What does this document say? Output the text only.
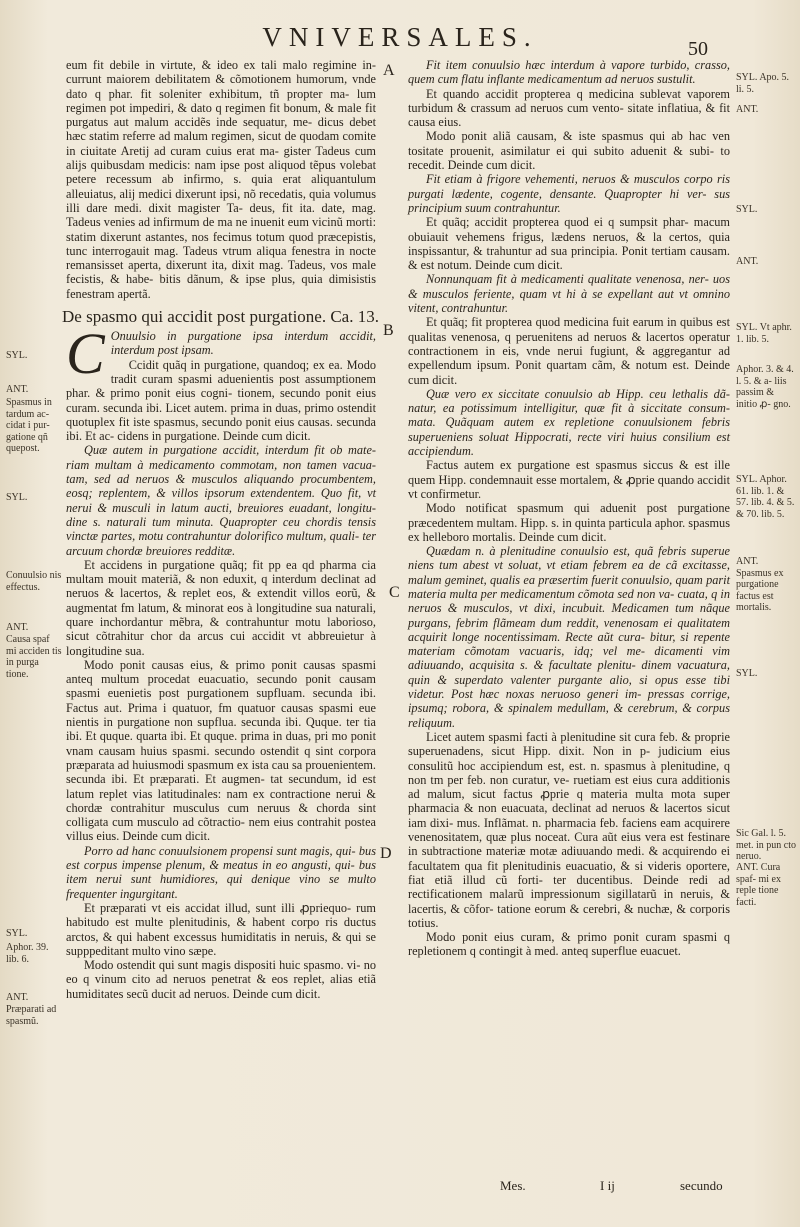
VNIVERSALES.	50
A
B
C
D
SYL.
ANT.
Spasmus in tardum ac- cidat i pur- gatione qñ quepost.
SYL.
Conuulsio nis effectus.
ANT.
Causa spaf mi acciden tis in purga tione.
SYL.
Aphor. 39. lib. 6.
ANT.
Præparati ad spasmũ.
SYL. Apo. 5. li. 5.
ANT.
SYL.
ANT.
SYL. Vt aphr. 1. lib. 5.
Aphor. 3. & 4. l. 5. & a- liis passim & initio ꝓ- gno.
SYL. Aphor. 61. lib. 1. & 57. lib. 4. & 5. & 70. lib. 5.
ANT. Spasmus ex purgatione factus est mortalis.
SYL.
Sic Gal. l. 5. met. in pun cto neruo.
ANT. Cura spaf- mi ex reple tione facti.

eum fit debile in virtute, & ideo ex tali malo regimine in- currunt maiorem debilitatem & cõmotionem humorum, vnde dato q phar. fit soleniter exhibitum, tñ propter ma- lum regimen pot impediri, & dato q regimen fit bonum, & male fit purgatus aut malum accidẽs inde sequatur, me- dicus debet hæc statim referre ad malum regimen, sicut de quodam comite in ciuitate Aretij ad curam cuius erat ma- gister Tadeus cum alijs quibusdam medicis: nam ipse post aliquod tẽpus volebat petere recessum ab infirmo, s. quia erat aliquantulum alleuiatus, alij medici dixerunt ipsi, nõ recedatis, quia volumus illi dare medi. dixit magister Ta- deus, fit ita. date, mag. Tadeus venies ad infirmum de ma ne inuenit eum vicinũ morti: statim dixerunt astantes, nos fecimus totum quod præcepistis, tunc interrogauit mag. Tadeus vtrum aliqua fenestra in nocte remansisset aperta, dixerunt ita, dixit mag. Tadeus, vos male fecistis, & habe- bitis dãnum, & ipse plus, quia dimisistis fenestram apertã.

De spasmo qui accidit post purgatione. Ca. 13.

C Onuulsio in purgatione ipsa interdum accidit, interdum post ipsam.

Ccidit quãq in purgatione, quandoq; ex ea. Modo tradit curam spasmi aduenientis post assumptionem phar. & primo ponit eius cogni- tionem, secundo ponit eius curam. secunda ibi. Licet autem. prima in duas, primo ostendit quotuplex fit iste spasmus, secundo ponit eius causas. secunda ibi. Et ac- cidens in purgatione. Deinde cum dicit.

Quæ autem in purgatione accidit, interdum fit ob mate- riam multam à medicamento commotam, non tamen vacua- tam, sed ad neruos & musculos aliquando procumbentem, eosq; replentem, & villos ipsorum extendentem. Quo fit, vt nerui & musculi in latum aucti, breuiores euadant, longitu- dine s. naturali tum minuta. Quapropter ceu chordis tensis vinctæ partes, motu contrahuntur dolorifico multum, quali- ter arcuum chordæ breuiores redditæ.

Et accidens in purgatione quãq; fit pp ea qd pharma cia multam mouit materiã, & non eduxit, q interdum declinat ad neruos & lacertos, & replet eos, & extendit villos eorũ, & augmentat fm latum, & minorat eos à longitudine sua naturali, quare inchordantur mẽbra, & contrahuntur motu laborioso, sicut cõtrahitur chor da arcus cui accidit vt abbreuietur à longitudine sua.

Modo ponit causas eius, & primo ponit causas spasmi anteq multum procedat euacuatio, secundo ponit causam spasmi euenietis post purgationem supfluam. secunda ibi. Factus aut. Prima i quatuor, fm quatuor causas spasmi eue nientis in purgatione non supflua. secunda ibi. Quque. ter tia ibi. Et quque. quarta ibi. Et quque. prima in duas, pri mo ponit vnam causam huius spasmi. secundo ostendit q sint corpora præparata ad huiusmodi spasmum ex ista cau sa prouenientem. secunda ibi. Et præparati. Et augmen- tat secundum, id est latum replet vias latitudinales: nam ex contractione nerui & chordæ contrahitur musculus cum neruus & chorda sint colligata cum musculo ad cõtractio- nem eius contrahit postea villus eius. Deinde cum dicit.

Porro ad hanc conuulsionem propensi sunt magis, qui- bus est corpus impense plenum, & meatus in eo angusti, qui- bus item nerui sunt humidiores, qui denique vino se multo frequenter ingurgitant.

Et præparati vt eis accidat illud, sunt illi ꝓpriequo- rum habitudo est multe plenitudinis, & habent corpo ris ductus arctos, & qui habent excessus humiditatis in neruis, & qui se supppeditant multo vino sæpe.

Modo ostendit qui sunt magis dispositi huic spasmo. vi- no eo q vinum cito ad neruos penetrat & eos replet, alias etiã humiditates secũ ducit ad neruos. Deinde cum dicit.

Fit item conuulsio hæc interdum à vapore turbido, crasso, quem cum flatu inflante medicamentum ad neruos sustulit.

Et quando accidit propterea q medicina sublevat vaporem turbidum & crassum ad neruos cum vento- sitate inflatiua, & fit causa eius.

Modo ponit aliã causam, & iste spasmus qui ab hac ven tositate prouenit, asimilatur ei qui subito aduenit & subi- to recedit. Deinde cum dicit.

Fit etiam à frigore vehementi, neruos & musculos corpo ris purgati lædente, cogente, densante. Quapropter hi ver- sus principium suum contrahuntur.

Et quãq; accidit propterea quod ei q sumpsit phar- macum obuiauit vehemens frigus, lædens neruos, & la certos, quia inspissantur, & trahuntur ad sua principia. Ponit tertiam causam. & est notum. Deinde cum dicit.

Nonnunquam fit à medicamenti qualitate venenosa, ner- uos & musculos feriente, quam vt hi à se expellant aut vt omnino vitent, contrahuntur.

Et quãq; fit propterea quod medicina fuit earum in quibus est qualitas venenosa, q peruenitens ad neruos & lacertos operatur contractionem in eis, vnde nerui fugiunt, & aggregantur ad expellendum ipsum. Ponit quartam cãm, & notum est. Deinde cum dicit.

Quæ vero ex siccitate conuulsio ab Hipp. ceu lethalis dã- natur, ea potissimum intelligitur, quæ fit à siccitate consum- mata. Quãquam autem ex repletione conuulsionem febris superueniens soluat Hippocrati, recte viri huius consilium est accipiendum.

Factus autem ex purgatione est spasmus siccus & est ille quem Hipp. condemnauit esse mortalem, & ꝓprie quando accidit vt confirmetur.

Modo notificat spasmum qui aduenit post purgatione præcedentem multam. Hipp. s. in quinta particula aphor. spasmus ex helleboro mortalis. Deinde cum dicit.

Quædam n. à plenitudine conuulsio est, quã febris superue niens tum abest vt soluat, vt etiam febrem ea de cã excitasse, malum geminet, qualis ea præsertim fuerit conuulsio, quam parit materia multa per medicamentum cõmota sed non va- cuata, q in neruos & musculos, vt dixi, incubuit. Medicamen tum nãque purgans, febrim flãmeam dum reddit, venenosam ei qualitatem acquirit longe nocentissimam. Recte aũt cura- bitur, si repente materiam cõmotam vacuaris, idq; vel me- dicamenti vim adiuuando, acquisita s. & facultate plenitu- dinem vacuatura, quin & superdato valenter purgante alio, si opus esse tibi videtur. Post hæc noxas neruoso generi im- pressas corrige, ipsumq; robora, & spinalem medullam, & cerebrum, & corpus reliquum.

Licet autem spasmi facti à plenitudine sit cura feb. & proprie superuenadens, sicut Hipp. dixit. Non in p- judicium eius consulitũ hoc accipiendum est, est. n. spasmus à plenitudine, q non tm per feb. non curatur, ve- ruetiam est eius cura additionis ad malum, sicut factus ꝓprie q materia multa mota super pharmacia & non euacuata, declinat ad neruos & lacertos sicut iam dixi- mus. Inflãmat. n. pharmacia feb. faciens eam acquirere venenositatem, quæ plus noceat. Cura aũt eius vera est festinare in subtractione materiæ motæ adiuuando medi. & acquirendo ei facultatem qua fit plenitudinis euacuatio, & si videris oportere, fiat etiã illud cũ forti- ter ducentibus. Deinde redi ad rectificationem malarũ impressionum sigillatarũ in neruis, & lacertis, & cõfor- tatione eorum & cerebri, & nuchæ, & corporis totius.

Modo ponit eius curam, & primo ponit curam spasmi q repletionem q contingit à med. anteq superflue euacuet.

Mes.	I ij	secundo
